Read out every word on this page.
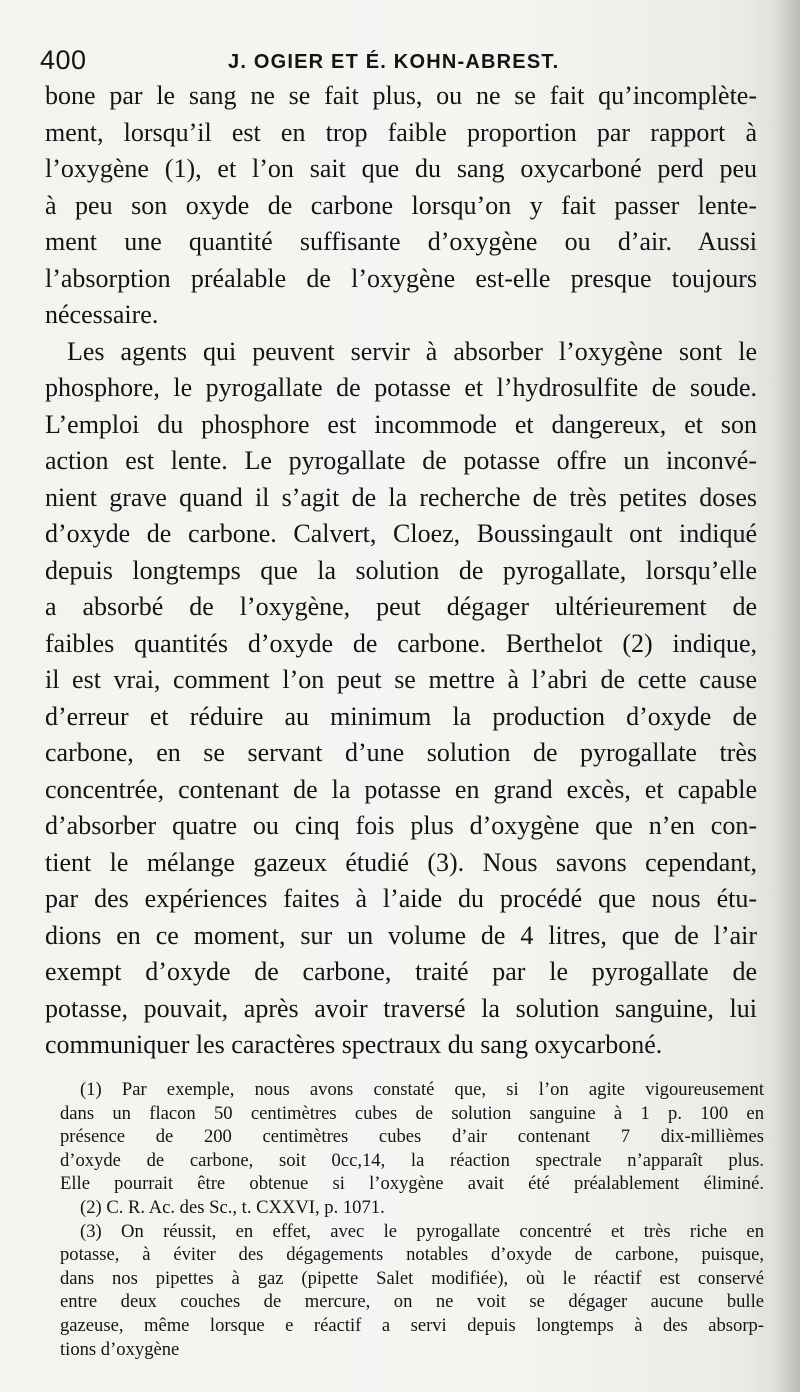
400	J. OGIER ET É. KOHN-ABREST.
bone par le sang ne se fait plus, ou ne se fait qu’incomplète-
ment, lorsqu’il est en trop faible proportion par rapport à
l’oxygène (1), et l’on sait que du sang oxycarboné perd peu
à peu son oxyde de carbone lorsqu’on y fait passer lente-
ment une quantité suffisante d’oxygène ou d’air. Aussi
l’absorption préalable de l’oxygène est-elle presque toujours
nécessaire.
Les agents qui peuvent servir à absorber l’oxygène sont le
phosphore, le pyrogallate de potasse et l’hydrosulfite de soude.
L’emploi du phosphore est incommode et dangereux, et son
action est lente. Le pyrogallate de potasse offre un inconvé-
nient grave quand il s’agit de la recherche de très petites doses
d’oxyde de carbone. Calvert, Cloez, Boussingault ont indiqué
depuis longtemps que la solution de pyrogallate, lorsqu’elle
a absorbé de l’oxygène, peut dégager ultérieurement de
faibles quantités d’oxyde de carbone. Berthelot (2) indique,
il est vrai, comment l’on peut se mettre à l’abri de cette cause
d’erreur et réduire au minimum la production d’oxyde de
carbone, en se servant d’une solution de pyrogallate très
concentrée, contenant de la potasse en grand excès, et capable
d’absorber quatre ou cinq fois plus d’oxygène que n’en con-
tient le mélange gazeux étudié (3). Nous savons cependant,
par des expériences faites à l’aide du procédé que nous étu-
dions en ce moment, sur un volume de 4 litres, que de l’air
exempt d’oxyde de carbone, traité par le pyrogallate de
potasse, pouvait, après avoir traversé la solution sanguine, lui
communiquer les caractères spectraux du sang oxycarboné.
(1) Par exemple, nous avons constaté que, si l’on agite vigoureusement
dans un flacon 50 centimètres cubes de solution sanguine à 1 p. 100 en
présence de 200 centimètres cubes d’air contenant 7 dix-millièmes
d’oxyde de carbone, soit 0cc,14, la réaction spectrale n’apparaît plus.
Elle pourrait être obtenue si l’oxygène avait été préalablement éliminé.
(2) C. R. Ac. des Sc., t. CXXVI, p. 1071.
(3) On réussit, en effet, avec le pyrogallate concentré et très riche en
potasse, à éviter des dégagements notables d’oxyde de carbone, puisque,
dans nos pipettes à gaz (pipette Salet modifiée), où le réactif est conservé
entre deux couches de mercure, on ne voit se dégager aucune bulle
gazeuse, même lorsque e réactif a servi depuis longtemps à des absorp-
tions d’oxygène
